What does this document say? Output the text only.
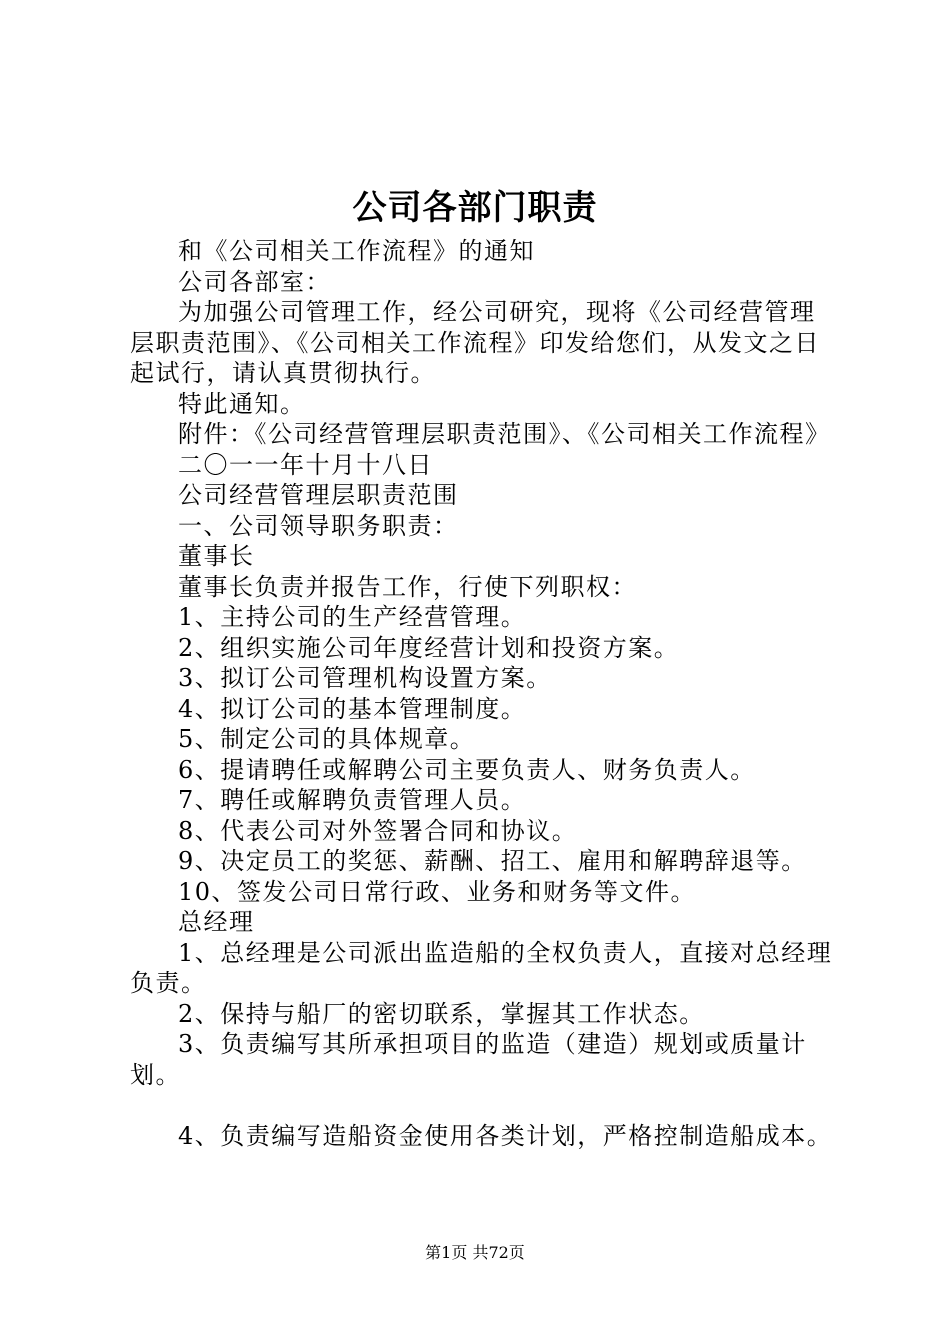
公司各部门职责

和《公司相关工作流程》的通知

公司各部室：

为加强公司管理工作，经公司研究，现将《公司经营管理层职责范围》、《公司相关工作流程》印发给您们，从发文之日起试行，请认真贯彻执行。

特此通知。

附件：《公司经营管理层职责范围》、《公司相关工作流程》

二〇一一年十月十八日

公司经营管理层职责范围

一、公司领导职务职责：

董事长

董事长负责并报告工作，行使下列职权：

1、主持公司的生产经营管理。

2、组织实施公司年度经营计划和投资方案。

3、拟订公司管理机构设置方案。

4、拟订公司的基本管理制度。

5、制定公司的具体规章。

6、提请聘任或解聘公司主要负责人、财务负责人。

7、聘任或解聘负责管理人员。

8、代表公司对外签署合同和协议。

9、决定员工的奖惩、薪酬、招工、雇用和解聘辞退等。

10、签发公司日常行政、业务和财务等文件。

总经理

1、总经理是公司派出监造船的全权负责人，直接对总经理负责。

2、保持与船厂的密切联系，掌握其工作状态。

3、负责编写其所承担项目的监造（建造）规划或质量计划。

4、负责编写造船资金使用各类计划，严格控制造船成本。

第1页 共72页
